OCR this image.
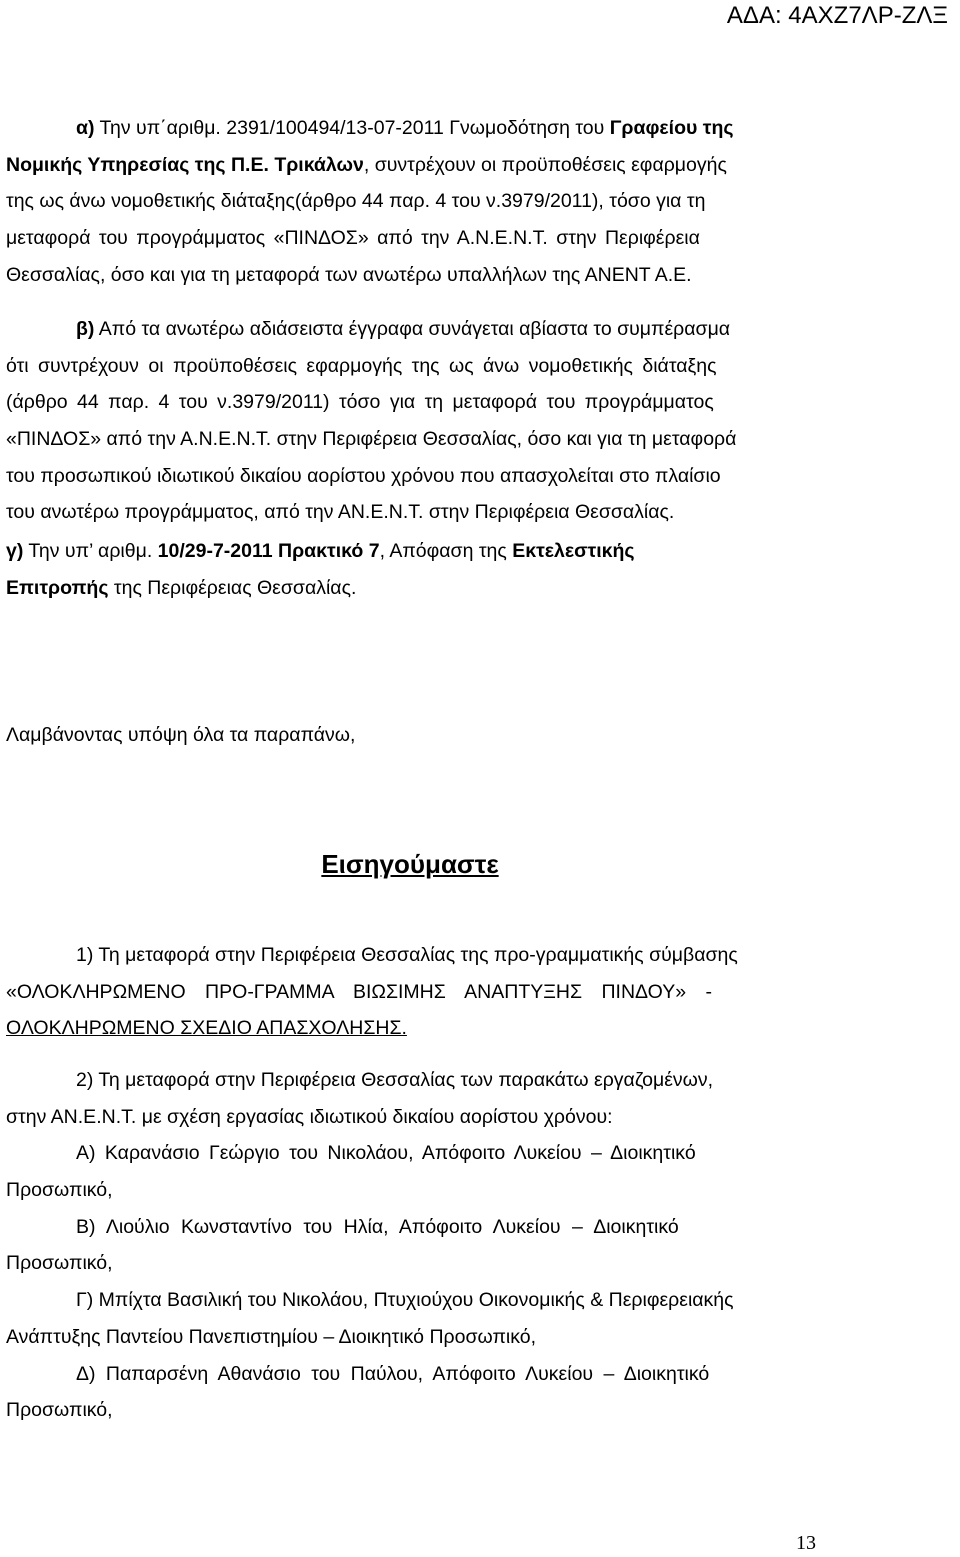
ΑΔΑ: 4ΑΧΖ7ΛΡ-ΖΛΞ
α) Την υπ΄αριθμ. 2391/100494/13-07-2011 Γνωμοδότηση του Γραφείου της
Νομικής Υπηρεσίας της Π.Ε. Τρικάλων, συντρέχουν οι προϋποθέσεις εφαρμογής
της ως άνω νομοθετικής διάταξης(άρθρο 44 παρ. 4 του ν.3979/2011), τόσο για τη
μεταφορά του προγράμματος «ΠΙΝΔΟΣ» από την Α.Ν.Ε.Ν.Τ. στην Περιφέρεια
Θεσσαλίας, όσο και για τη μεταφορά των ανωτέρω υπαλλήλων της ΑΝΕΝΤ Α.Ε.
β) Από τα ανωτέρω αδιάσειστα έγγραφα συνάγεται αβίαστα το συμπέρασμα
ότι συντρέχουν οι προϋποθέσεις εφαρμογής της ως άνω νομοθετικής διάταξης
(άρθρο 44 παρ. 4 του ν.3979/2011) τόσο για τη μεταφορά του προγράμματος
«ΠΙΝΔΟΣ» από την Α.Ν.Ε.Ν.Τ. στην Περιφέρεια Θεσσαλίας, όσο και για τη μεταφορά
του προσωπικού ιδιωτικού δικαίου αορίστου χρόνου που απασχολείται στο πλαίσιο
του ανωτέρω προγράμματος, από την ΑΝ.Ε.Ν.Τ. στην Περιφέρεια Θεσσαλίας.
γ) Την υπ’ αριθμ. 10/29-7-2011 Πρακτικό 7, Απόφαση της Εκτελεστικής
Επιτροπής της Περιφέρειας Θεσσαλίας.
Λαμβάνοντας υπόψη όλα τα παραπάνω,
Εισηγούμαστε
1) Τη μεταφορά στην Περιφέρεια Θεσσαλίας της προ-γραμματικής σύμβασης
«ΟΛΟΚΛΗΡΩΜΕΝΟ ΠΡΟ-ΓΡΑΜΜΑ ΒΙΩΣΙΜΗΣ ΑΝΑΠΤΥΞΗΣ ΠΙΝΔΟΥ» -
ΟΛΟΚΛΗΡΩΜΕΝΟ ΣΧΕΔΙΟ ΑΠΑΣΧΟΛΗΣΗΣ.
2) Τη μεταφορά στην Περιφέρεια Θεσσαλίας των παρακάτω εργαζομένων,
στην ΑΝ.Ε.Ν.Τ. με σχέση εργασίας ιδιωτικού δικαίου αορίστου χρόνου:
Α) Καρανάσιο Γεώργιο του Νικολάου, Απόφοιτο Λυκείου – Διοικητικό
Προσωπικό,
Β) Λιούλιο Κωνσταντίνο του Ηλία, Απόφοιτο Λυκείου – Διοικητικό
Προσωπικό,
Γ) Μπίχτα Βασιλική του Νικολάου, Πτυχιούχου Οικονομικής & Περιφερειακής
Ανάπτυξης Παντείου Πανεπιστημίου – Διοικητικό Προσωπικό,
Δ) Παπαρσένη Αθανάσιο του Παύλου, Απόφοιτο Λυκείου – Διοικητικό
Προσωπικό,
13
